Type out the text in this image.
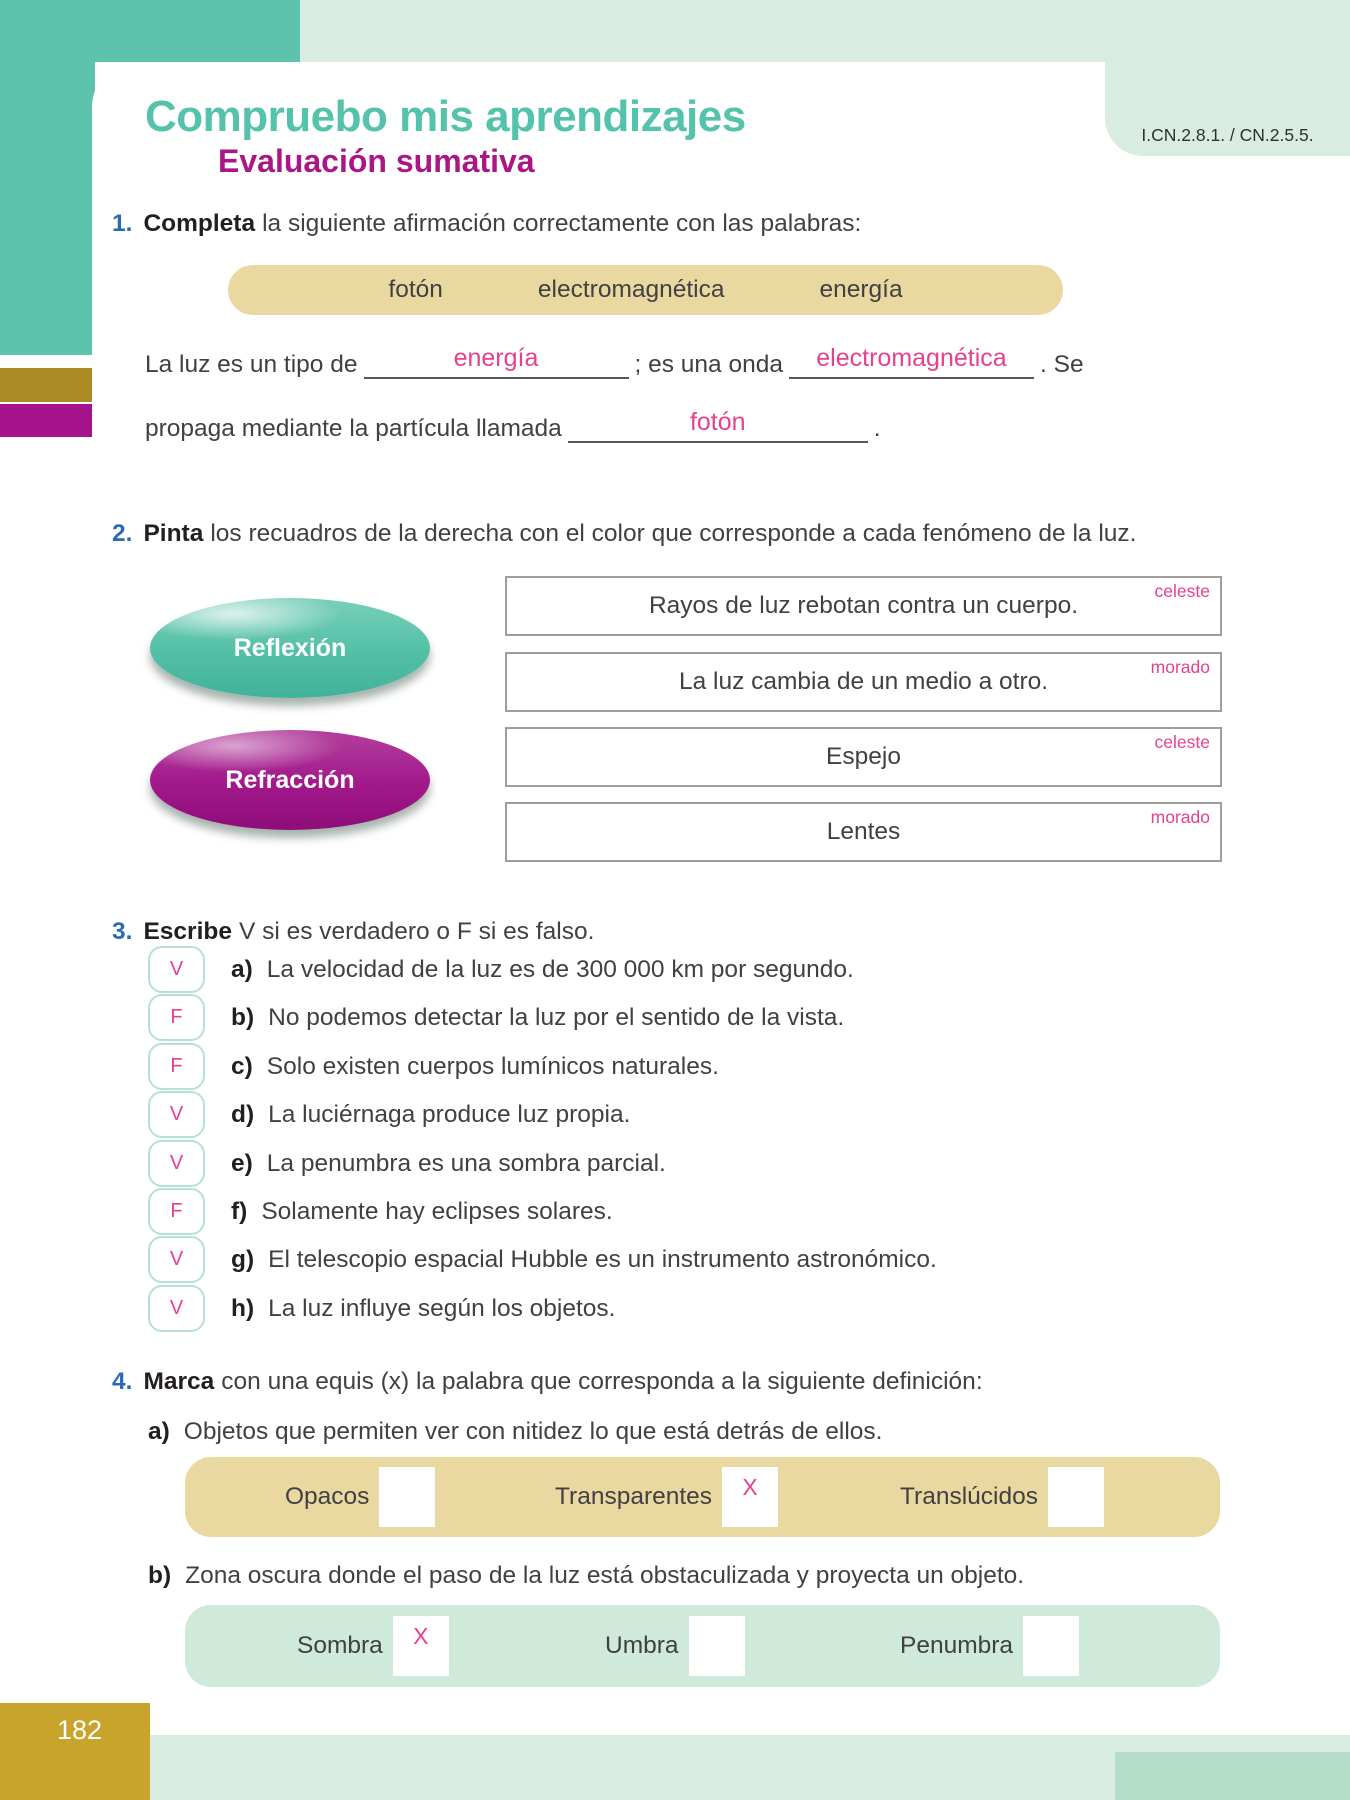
I.CN.2.8.1. / CN.2.5.5.
Compruebo mis aprendizajes
Evaluación sumativa
1. Completa la siguiente afirmación correctamente con las palabras:
fotón	electromagnética	energía
La luz es un tipo de	energía	; es una onda electromagnética . Se
propaga mediante la partícula llamada	fotón	.
2. Pinta los recuadros de la derecha con el color que corresponde a cada fenómeno de la luz.
Reflexión
Refracción
Rayos de luz rebotan contra un cuerpo.
celeste
La luz cambia de un medio a otro.
morado
Espejo
celeste
Lentes
morado
3. Escribe V si es verdadero o F si es falso.
V	a) La velocidad de la luz es de 300 000 km por segundo.
F	b) No podemos detectar la luz por el sentido de la vista.
F	c) Solo existen cuerpos lumínicos naturales.
V	d) La luciérnaga produce luz propia.
V	e) La penumbra es una sombra parcial.
F	f) Solamente hay eclipses solares.
V	g) El telescopio espacial Hubble es un instrumento astronómico.
V	h) La luz influye según los objetos.
4. Marca con una equis (x) la palabra que corresponda a la siguiente definición:
a) Objetos que permiten ver con nitidez lo que está detrás de ellos.
Opacos	Transparentes	X	Translúcidos
b) Zona oscura donde el paso de la luz está obstaculizada y proyecta un objeto.
Sombra	X	Umbra	Penumbra
182
